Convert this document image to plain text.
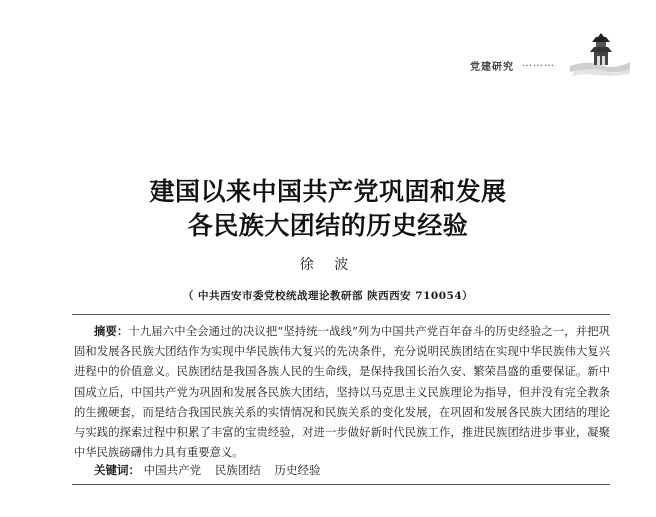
党建研究 ………
建国以来中国共产党巩固和发展
各民族大团结的历史经验
徐 波
（ 中共西安市委党校统战理论教研部 陕西西安 710054）
摘要：十九届六中全会通过的决议把“坚持统一战线”列为中国共产党百年奋斗的历史经验之一，并把巩固和发展各民族大团结作为实现中华民族伟大复兴的先决条件，充分说明民族团结在实现中华民族伟大复兴进程中的价值意义。民族团结是我国各族人民的生命线，是保持我国长治久安、繁荣昌盛的重要保证。新中国成立后，中国共产党为巩固和发展各民族大团结，坚持以马克思主义民族理论为指导，但并没有完全教条的生搬硬套，而是结合我国民族关系的实情情况和民族关系的变化发展，在巩固和发展各民族大团结的理论与实践的探索过程中积累了丰富的宝贵经验，对进一步做好新时代民族工作，推进民族团结进步事业，凝聚中华民族磅礴伟力具有重要意义。
关键词： 中国共产党 民族团结 历史经验
